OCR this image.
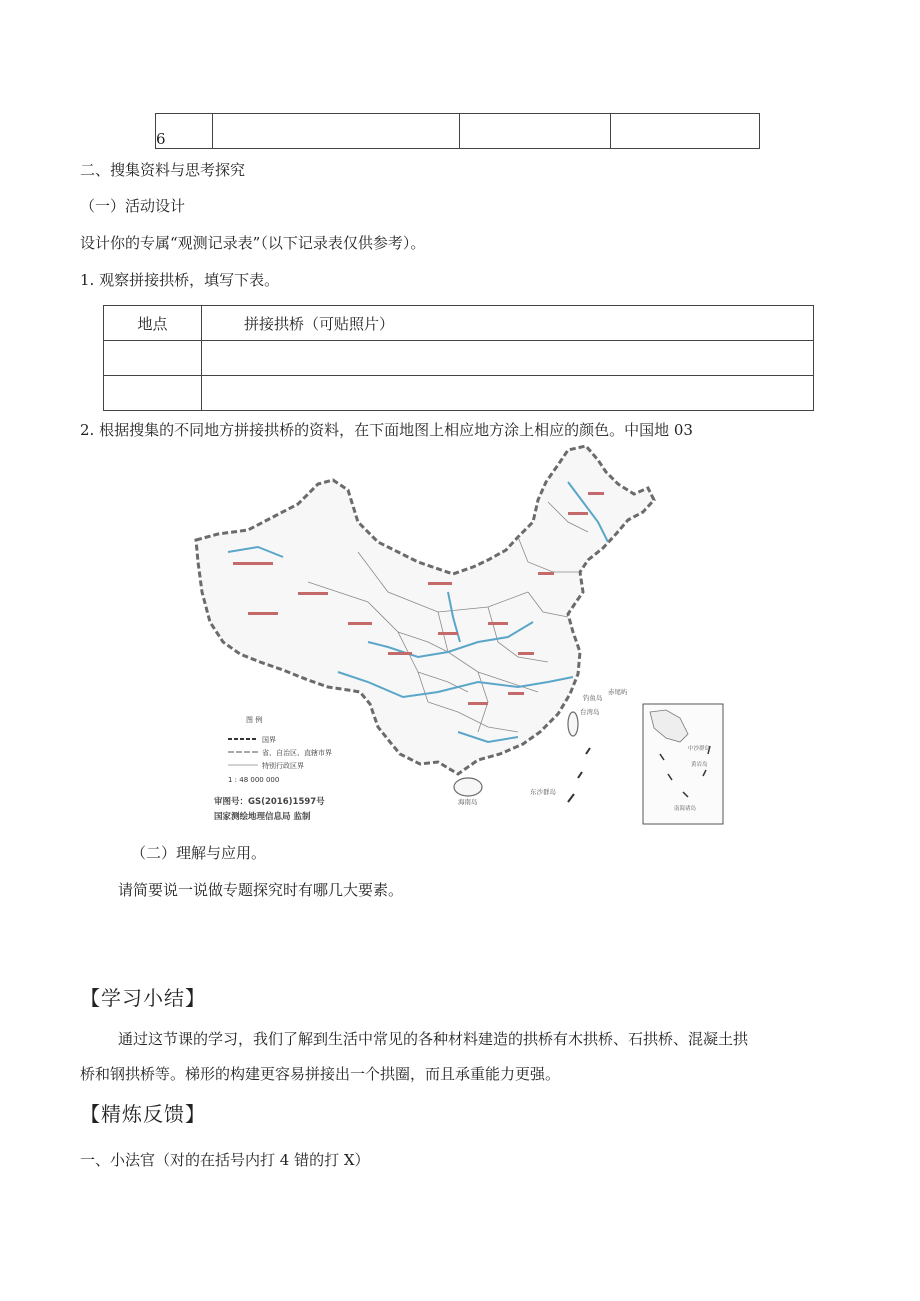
6			
二、搜集资料与思考探究
（一）活动设计
设计你的专属“观测记录表”（以下记录表仅供参考）。
1. 观察拼接拱桥，填写下表。
地点	拼接拱桥（可贴照片）

2. 根据搜集的不同地方拼接拱桥的资料，在下面地图上相应地方涂上相应的颜色。中国地 03
图 例
国界
省、自治区、直辖市界
特别行政区界
1 : 48 000 000
审图号：GS(2016)1597号
国家测绘地理信息局 监制
台湾岛
钓鱼岛
赤尾屿
东沙群岛
海南岛
中沙群岛
黄岩岛
南海诸岛
（二）理解与应用。
请简要说一说做专题探究时有哪几大要素。
【学习小结】
通过这节课的学习，我们了解到生活中常见的各种材料建造的拱桥有木拱桥、石拱桥、混凝土拱
桥和钢拱桥等。梯形的构建更容易拼接出一个拱圈，而且承重能力更强。
【精炼反馈】
一、小法官（对的在括号内打 4 错的打 X）
